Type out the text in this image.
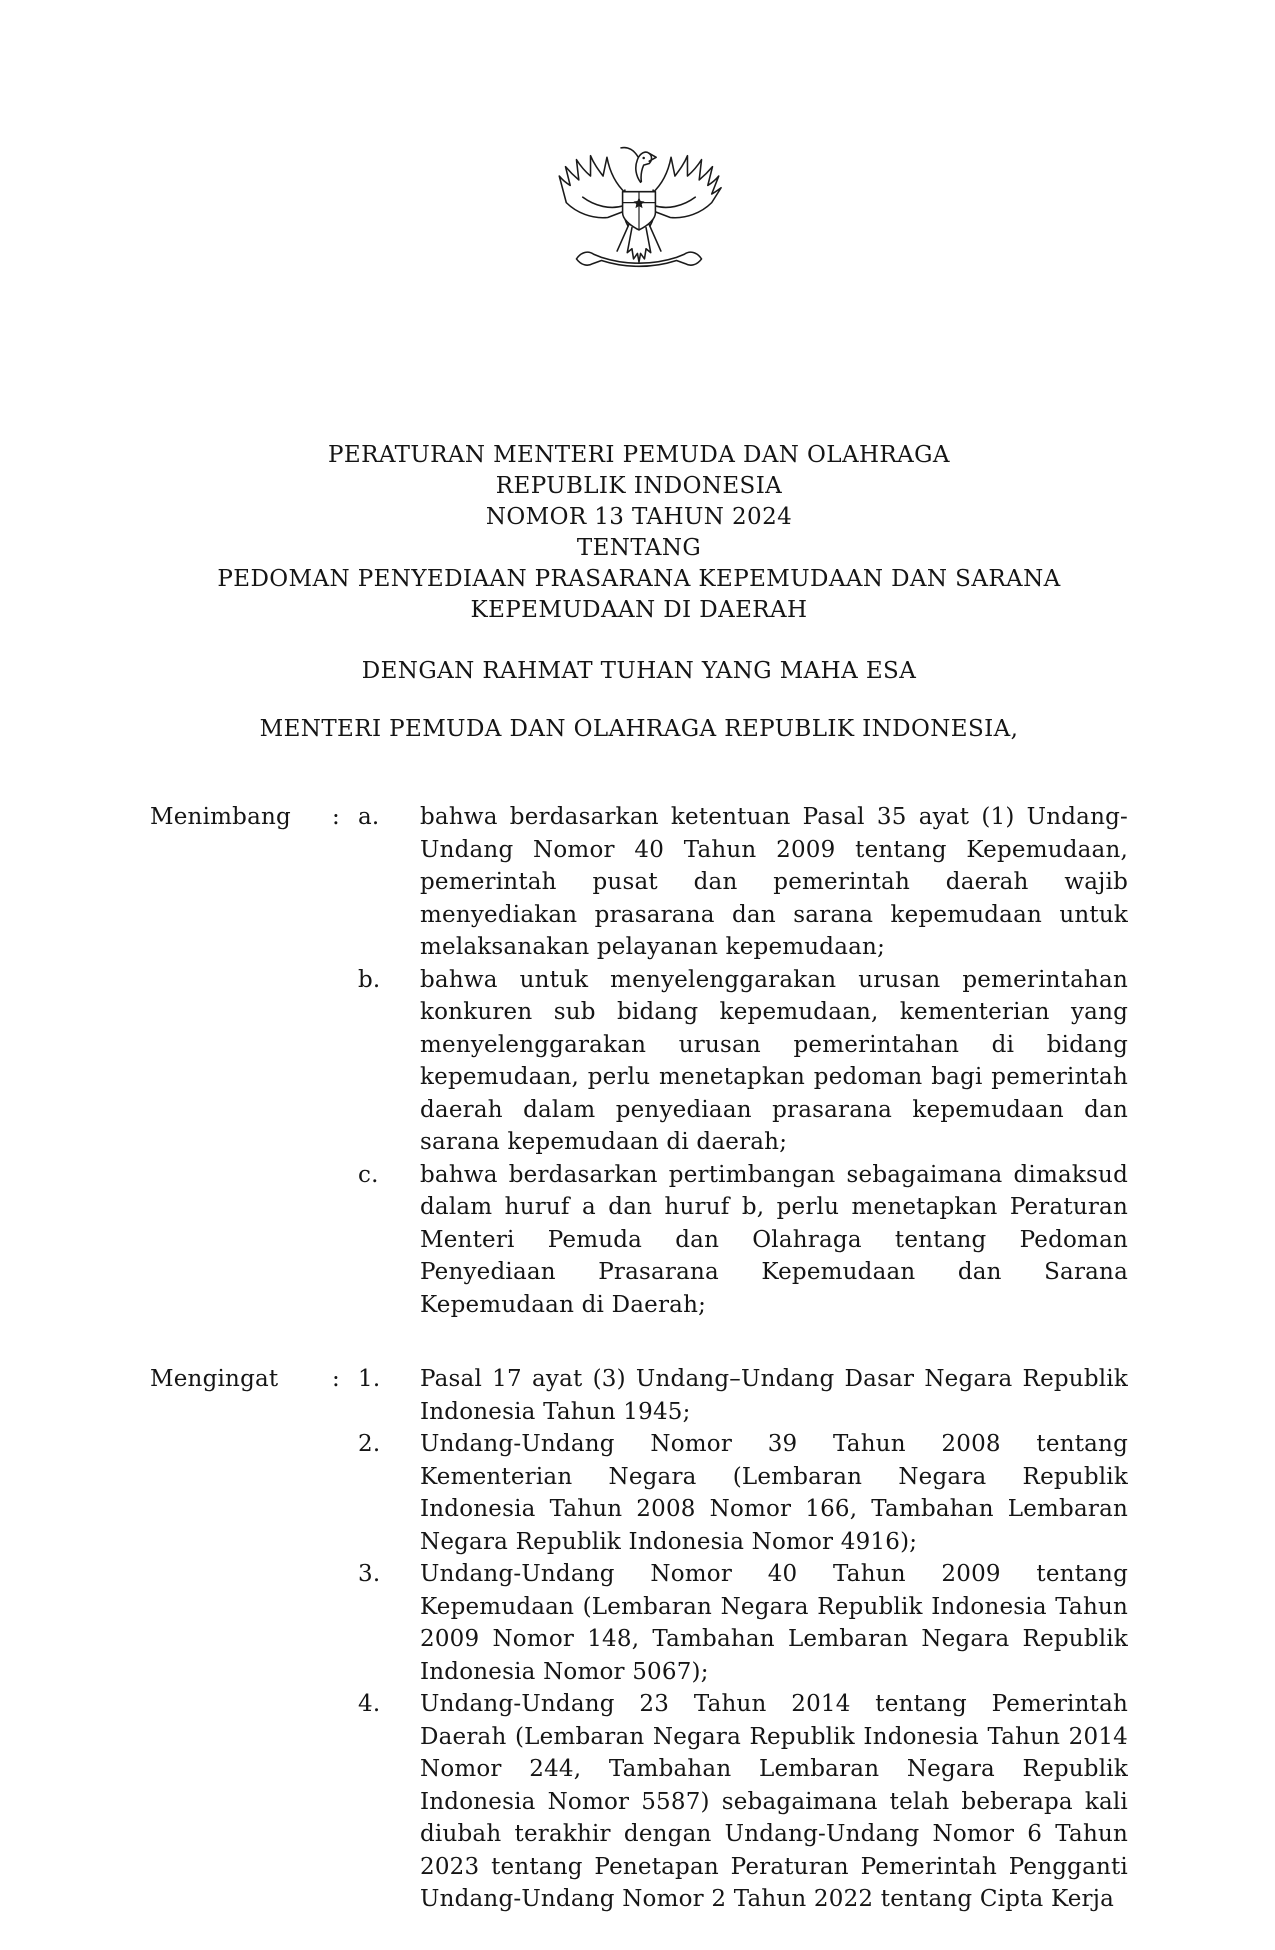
PERATURAN MENTERI PEMUDA DAN OLAHRAGA
REPUBLIK INDONESIA
NOMOR 13 TAHUN 2024
TENTANG
PEDOMAN PENYEDIAAN PRASARANA KEPEMUDAAN DAN SARANA
KEPEMUDAAN DI DAERAH
DENGAN RAHMAT TUHAN YANG MAHA ESA
MENTERI PEMUDA DAN OLAHRAGA REPUBLIK INDONESIA,
Menimbang	: a.	bahwa berdasarkan ketentuan Pasal 35 ayat (1) Undang-Undang Nomor 40 Tahun 2009 tentang Kepemudaan, pemerintah pusat dan pemerintah daerah wajib menyediakan prasarana dan sarana kepemudaan untuk melaksanakan pelayanan kepemudaan;
b.	bahwa untuk menyelenggarakan urusan pemerintahan konkuren sub bidang kepemudaan, kementerian yang menyelenggarakan urusan pemerintahan di bidang kepemudaan, perlu menetapkan pedoman bagi pemerintah daerah dalam penyediaan prasarana kepemudaan dan sarana kepemudaan di daerah;
c.	bahwa berdasarkan pertimbangan sebagaimana dimaksud dalam huruf a dan huruf b, perlu menetapkan Peraturan Menteri Pemuda dan Olahraga tentang Pedoman Penyediaan Prasarana Kepemudaan dan Sarana Kepemudaan di Daerah;
Mengingat	: 1.	Pasal 17 ayat (3) Undang–Undang Dasar Negara Republik Indonesia Tahun 1945;
2.	Undang-Undang Nomor 39 Tahun 2008 tentang Kementerian Negara (Lembaran Negara Republik Indonesia Tahun 2008 Nomor 166, Tambahan Lembaran Negara Republik Indonesia Nomor 4916);
3.	Undang-Undang Nomor 40 Tahun 2009 tentang Kepemudaan (Lembaran Negara Republik Indonesia Tahun 2009 Nomor 148, Tambahan Lembaran Negara Republik Indonesia Nomor 5067);
4.	Undang-Undang 23 Tahun 2014 tentang Pemerintah Daerah (Lembaran Negara Republik Indonesia Tahun 2014 Nomor 244, Tambahan Lembaran Negara Republik Indonesia Nomor 5587) sebagaimana telah beberapa kali diubah terakhir dengan Undang-Undang Nomor 6 Tahun 2023 tentang Penetapan Peraturan Pemerintah Pengganti Undang-Undang Nomor 2 Tahun 2022 tentang Cipta Kerja
